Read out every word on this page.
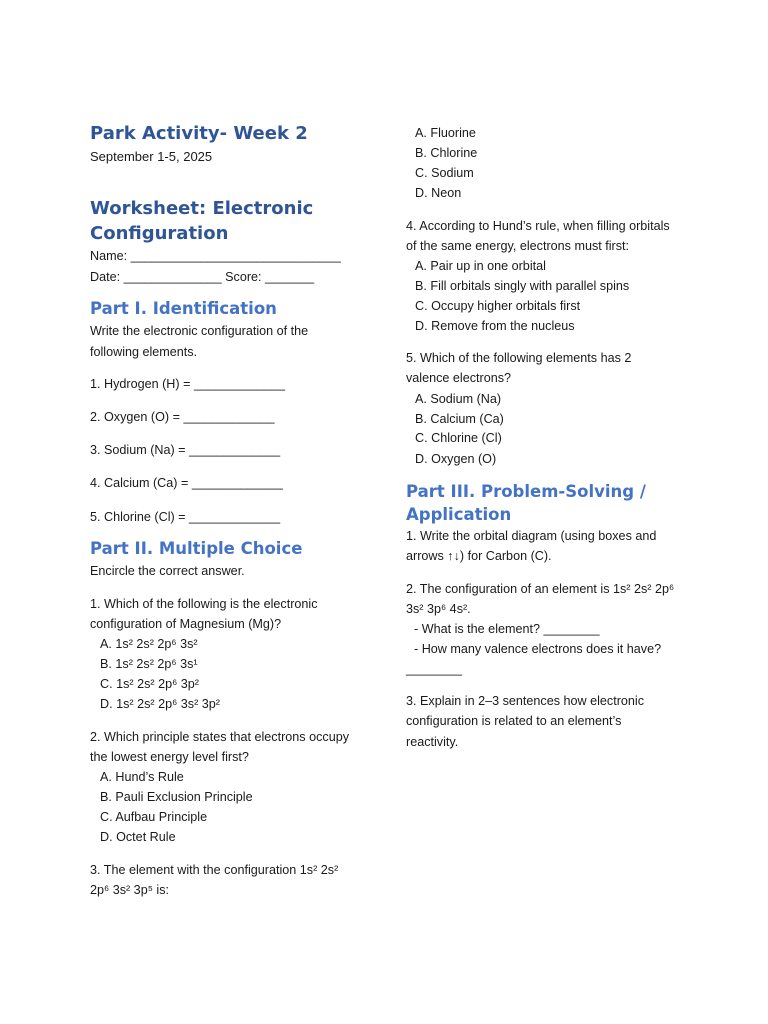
Park Activity- Week 2

September 1-5, 2025

Worksheet: Electronic
Configuration

Name: ______________________________

Date: ______________ Score: _______

Part I. Identification

Write the electronic configuration of the

following elements.

1. Hydrogen (H) = _____________

2. Oxygen (O) = _____________

3. Sodium (Na) = _____________

4. Calcium (Ca) = _____________

5. Chlorine (Cl) = _____________

Part II. Multiple Choice

Encircle the correct answer.

1. Which of the following is the electronic

configuration of Magnesium (Mg)?

A. 1s² 2s² 2p⁶ 3s²

B. 1s² 2s² 2p⁶ 3s¹

C. 1s² 2s² 2p⁶ 3p²

D. 1s² 2s² 2p⁶ 3s² 3p²

2. Which principle states that electrons occupy

the lowest energy level first?

A. Hund’s Rule

B. Pauli Exclusion Principle

C. Aufbau Principle

D. Octet Rule

3. The element with the configuration 1s² 2s²

2p⁶ 3s² 3p⁵ is:

A. Fluorine

B. Chlorine

C. Sodium

D. Neon

4. According to Hund’s rule, when filling orbitals

of the same energy, electrons must first:

A. Pair up in one orbital

B. Fill orbitals singly with parallel spins

C. Occupy higher orbitals first

D. Remove from the nucleus

5. Which of the following elements has 2

valence electrons?

A. Sodium (Na)

B. Calcium (Ca)

C. Chlorine (Cl)

D. Oxygen (O)

Part III. Problem-Solving /
Application

1. Write the orbital diagram (using boxes and

arrows ↑↓) for Carbon (C).

2. The configuration of an element is 1s² 2s² 2p⁶

3s² 3p⁶ 4s².

- What is the element? ________

- How many valence electrons does it have?

________

3. Explain in 2–3 sentences how electronic

configuration is related to an element’s

reactivity.
